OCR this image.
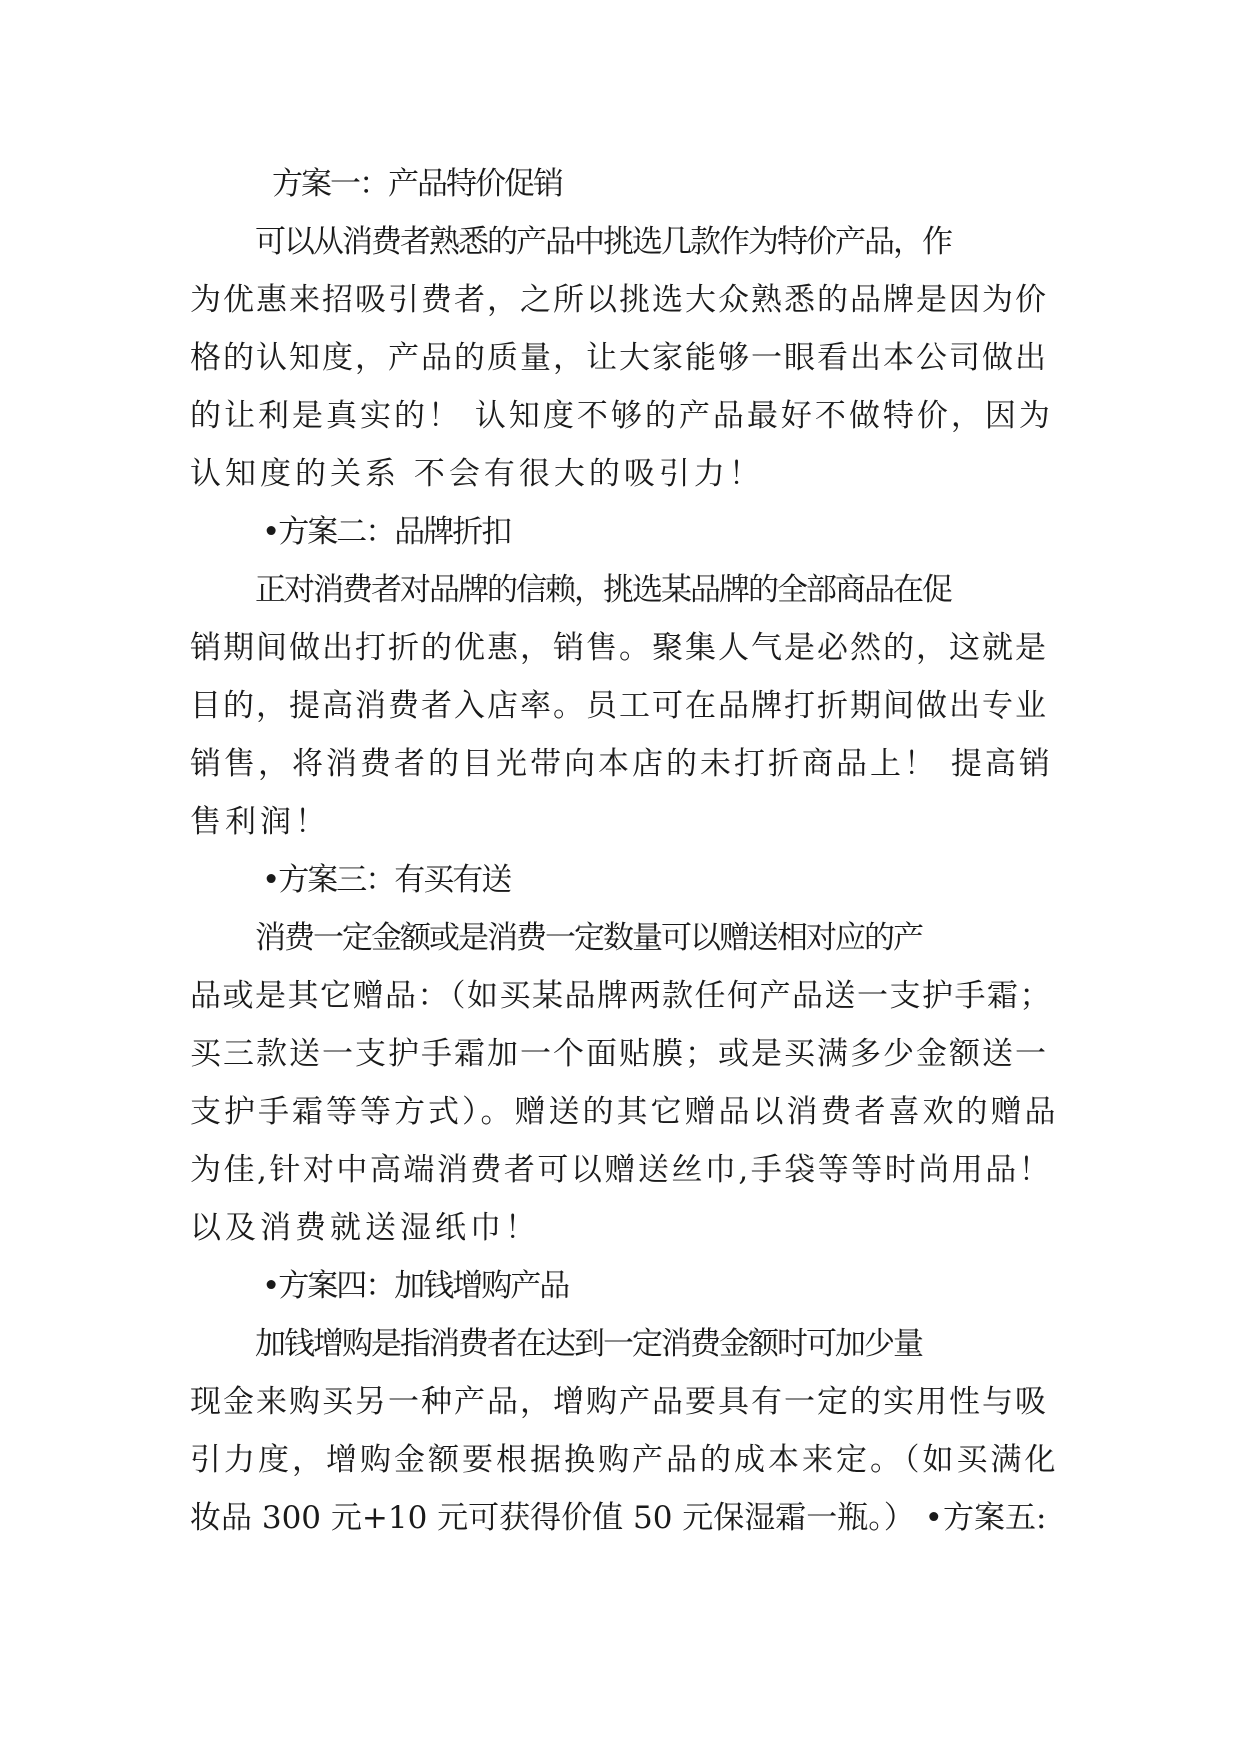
方案一：产品特价促销
可以从消费者熟悉的产品中挑选几款作为特价产品，作
为优惠来招吸引费者，之所以挑选大众熟悉的品牌是因为价
格的认知度，产品的质量，让大家能够一眼看出本公司做出
的让利是真实的！ 认知度不够的产品最好不做特价，因为
认知度的关系 不会有很大的吸引力！
•方案二：品牌折扣
正对消费者对品牌的信赖，挑选某品牌的全部商品在促
销期间做出打折的优惠，销售。聚集人气是必然的，这就是
目的，提高消费者入店率。员工可在品牌打折期间做出专业
销售，将消费者的目光带向本店的未打折商品上！ 提高销
售利润！
•方案三：有买有送
消费一定金额或是消费一定数量可以赠送相对应的产
品或是其它赠品：（如买某品牌两款任何产品送一支护手霜；
买三款送一支护手霜加一个面贴膜；或是买满多少金额送一
支护手霜等等方式）。赠送的其它赠品以消费者喜欢的赠品
为佳,针对中高端消费者可以赠送丝巾,手袋等等时尚用品！
以及消费就送湿纸巾！
•方案四：加钱增购产品
加钱增购是指消费者在达到一定消费金额时可加少量
现金来购买另一种产品，增购产品要具有一定的实用性与吸
引力度，增购金额要根据换购产品的成本来定。（如买满化
妆品 300 元+10 元可获得价值 50 元保湿霜一瓶。） •方案五:
